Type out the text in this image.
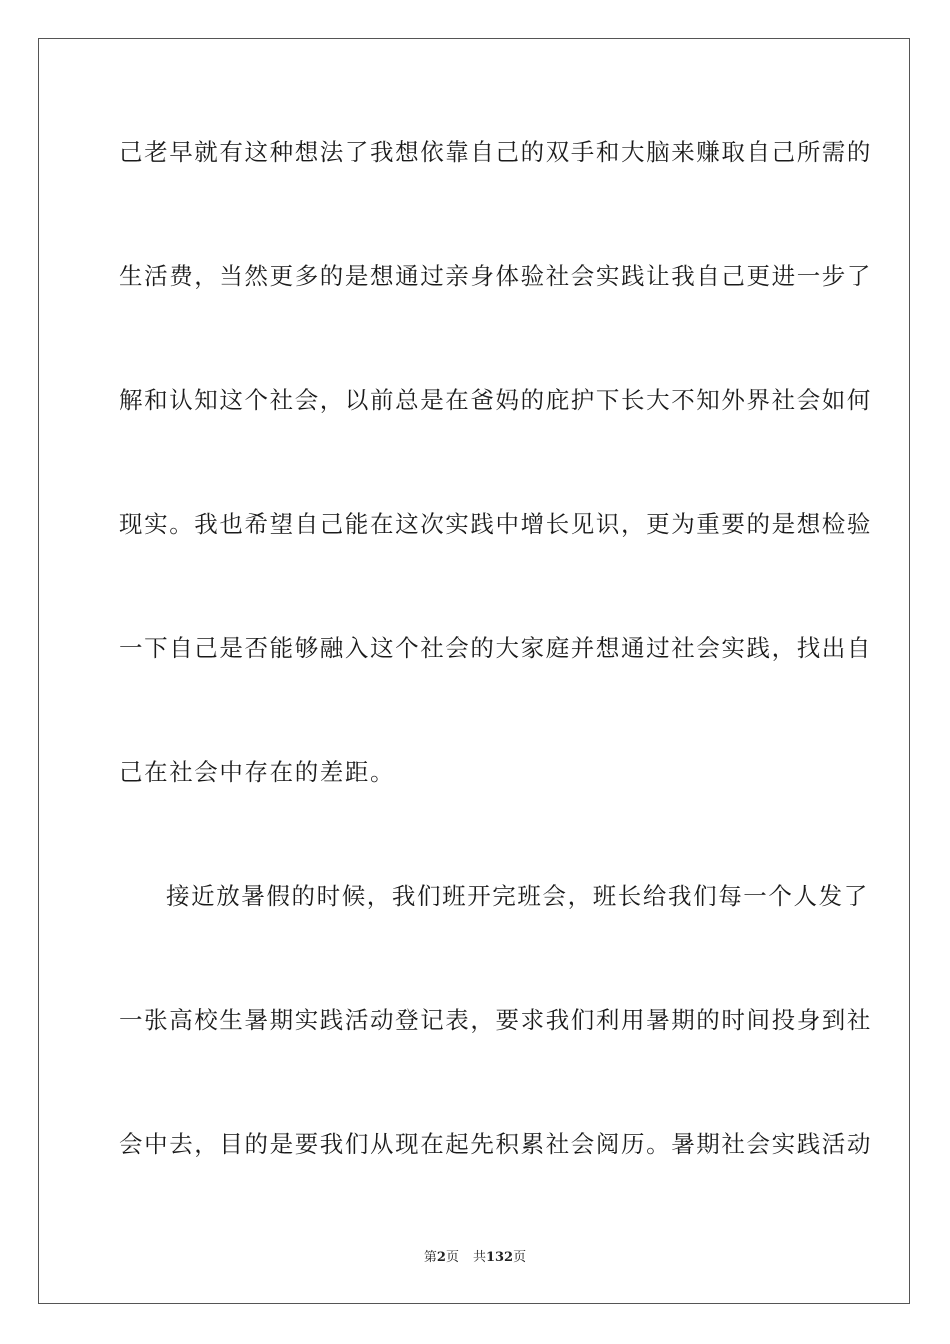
己老早就有这种想法了我想依靠自己的双手和大脑来赚取自己所需的
生活费，当然更多的是想通过亲身体验社会实践让我自己更进一步了
解和认知这个社会，以前总是在爸妈的庇护下长大不知外界社会如何
现实。我也希望自己能在这次实践中增长见识，更为重要的是想检验
一下自己是否能够融入这个社会的大家庭并想通过社会实践，找出自
己在社会中存在的差距。
接近放暑假的时候，我们班开完班会，班长给我们每一个人发了
一张高校生暑期实践活动登记表，要求我们利用暑期的时间投身到社
会中去，目的是要我们从现在起先积累社会阅历。暑期社会实践活动
第2页 共132页
